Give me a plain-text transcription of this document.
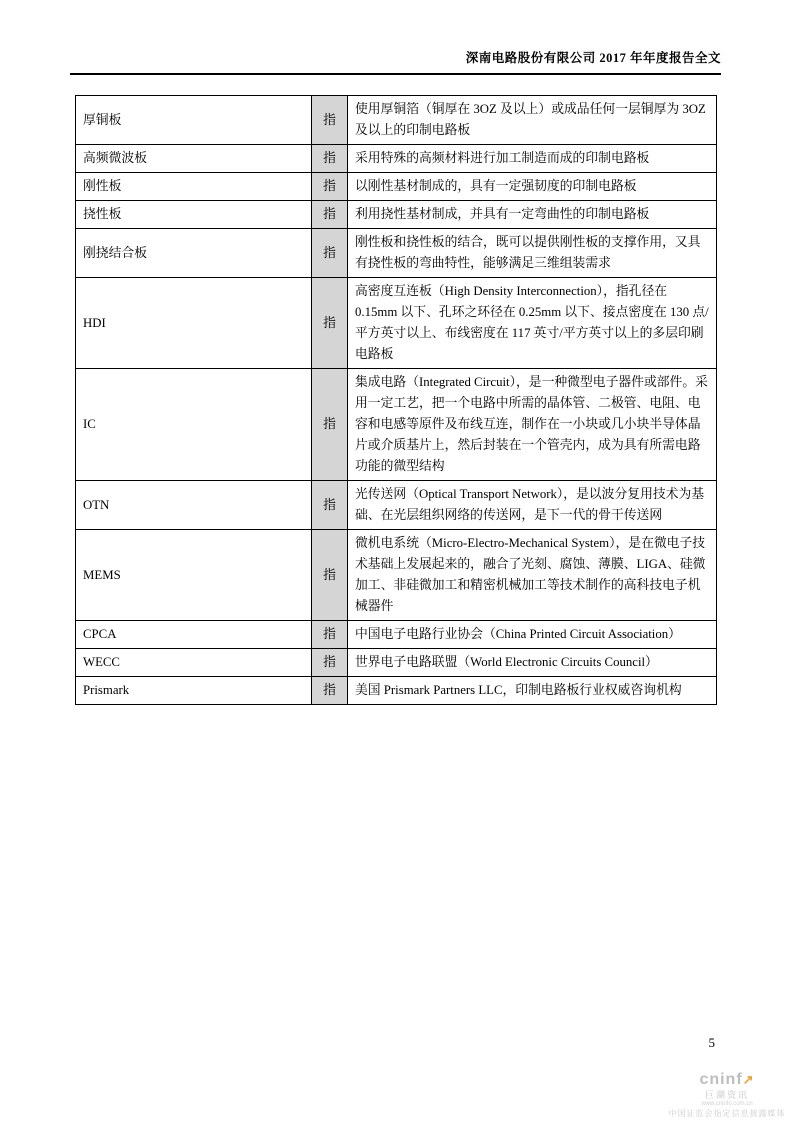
深南电路股份有限公司 2017 年年度报告全文
厚铜板	指	使用厚铜箔（铜厚在 3OZ 及以上）或成品任何一层铜厚为 3OZ 及以上的印制电路板
高频微波板	指	采用特殊的高频材料进行加工制造而成的印制电路板
刚性板	指	以刚性基材制成的，具有一定强韧度的印制电路板
挠性板	指	利用挠性基材制成，并具有一定弯曲性的印制电路板
刚挠结合板	指	刚性板和挠性板的结合，既可以提供刚性板的支撑作用，又具有挠性板的弯曲特性，能够满足三维组装需求
HDI	指	高密度互连板（High Density Interconnection），指孔径在 0.15mm 以下、孔环之环径在 0.25mm 以下、接点密度在 130 点/平方英寸以上、布线密度在 117 英寸/平方英寸以上的多层印刷电路板
IC	指	集成电路（Integrated Circuit），是一种微型电子器件或部件。采用一定工艺，把一个电路中所需的晶体管、二极管、电阻、电容和电感等原件及布线互连，制作在一小块或几小块半导体晶片或介质基片上，然后封装在一个管壳内，成为具有所需电路功能的微型结构
OTN	指	光传送网（Optical Transport Network），是以波分复用技术为基础、在光层组织网络的传送网，是下一代的骨干传送网
MEMS	指	微机电系统（Micro-Electro-Mechanical System），是在微电子技术基础上发展起来的，融合了光刻、腐蚀、薄膜、LIGA、硅微加工、非硅微加工和精密机械加工等技术制作的高科技电子机械器件
CPCA	指	中国电子电路行业协会（China Printed Circuit Association）
WECC	指	世界电子电路联盟（World Electronic Circuits Council）
Prismark	指	美国 Prismark Partners LLC，印制电路板行业权威咨询机构
5
cninf↗
巨潮资讯
www.cninfo.com.cn
中国证监会指定信息披露媒体
